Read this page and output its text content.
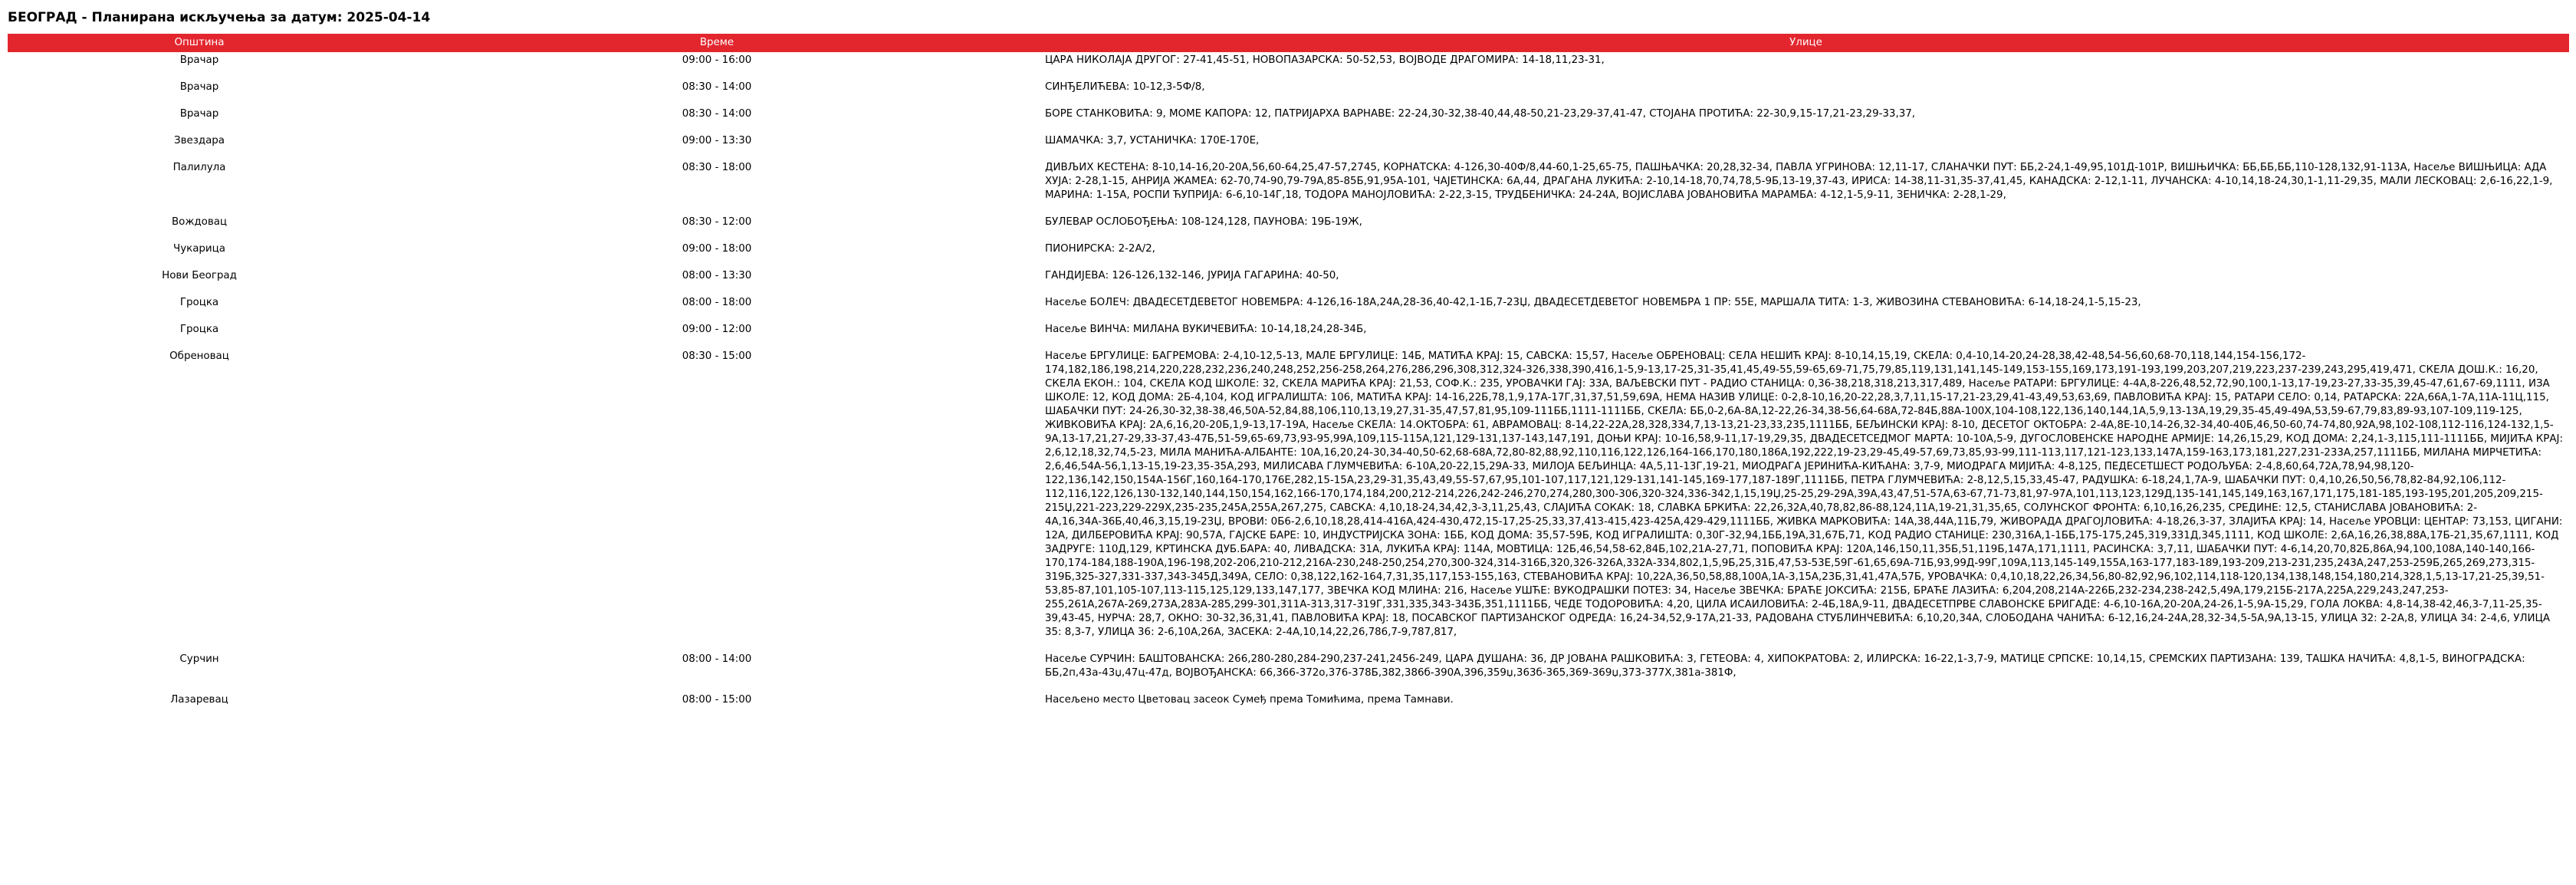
БЕОГРАД - Планирана искључења за датум: 2025-04-14
Општина	Време	Улице
Врачар	09:00 - 16:00	ЦАРА НИКОЛАЈА ДРУГОГ: 27-41,45-51, НОВОПАЗАРСКА: 50-52,53, ВОЈВОДЕ ДРАГОМИРА: 14-18,11,23-31,
Врачар	08:30 - 14:00	СИНЂЕЛИЋЕВА: 10-12,3-5Ф/8,
Врачар	08:30 - 14:00	БОРЕ СТАНКОВИЋА: 9, МОМЕ КАПОРА: 12, ПАТРИЈАРХА ВАРНАВЕ: 22-24,30-32,38-40,44,48-50,21-23,29-37,41-47, СТОЈАНА ПРОТИЋА: 22-30,9,15-17,21-23,29-33,37,
Звездара	09:00 - 13:30	ШАМАЧКА: 3,7, УСТАНИЧКА: 170Е-170Е,
Палилула	08:30 - 18:00	ДИВЉИХ КЕСТЕНА: 8-10,14-16,20-20А,56,60-64,25,47-57,2745, КОРНАТСКА: 4-126,30-40Ф/8,44-60,1-25,65-75, ПАШЊАЧКА: 20,28,32-34, ПАВЛА УГРИНОВА: 12,11-17, СЛАНАЧКИ ПУТ: ББ,2-24,1-49,95,101Д-101Р, ВИШЊИЧКА: ББ,ББ,ББ,110-128,132,91-113А, Насеље ВИШЊИЦА: АДА ХУЈА: 2-28,1-15, АНРИЈА ЖАМЕА: 62-70,74-90,79-79А,85-85Б,91,95А-101, ЧАЈЕТИНСКА: 6А,44, ДРАГАНА ЛУКИЋА: 2-10,14-18,70,74,78,5-9Б,13-19,37-43, ИРИСА: 14-38,11-31,35-37,41,45, КАНАДСКА: 2-12,1-11, ЛУЧАНСКА: 4-10,14,18-24,30,1-1,11-29,35, МАЛИ ЛЕСКОВАЦ: 2,6-16,22,1-9, МАРИНА: 1-15А, РОСПИ ЋУПРИЈА: 6-6,10-14Г,18, ТОДОРА МАНОЈЛОВИЋА: 2-22,3-15, ТРУДБЕНИЧКА: 24-24А, ВОЈИСЛАВА ЈОВАНОВИЋА МАРАМБА: 4-12,1-5,9-11, ЗЕНИЧКА: 2-28,1-29,
Вождовац	08:30 - 12:00	БУЛЕВАР ОСЛОБОЂЕЊА: 108-124,128, ПАУНОВА: 19Б-19Ж,
Чукарица	09:00 - 18:00	ПИОНИРСКА: 2-2А/2,
Нови Београд	08:00 - 13:30	ГАНДИЈЕВА: 126-126,132-146, ЈУРИЈА ГАГАРИНА: 40-50,
Гроцка	08:00 - 18:00	Насеље БОЛЕЧ: ДВАДЕСЕТДЕВЕТОГ НОВЕМБРА: 4-126,16-18А,24А,28-36,40-42,1-1Б,7-23Џ, ДВАДЕСЕТДЕВЕТОГ НОВЕМБРА 1 ПР: 55Е, МАРШАЛА ТИТА: 1-3, ЖИВОЗИНА СТЕВАНОВИЋА: 6-14,18-24,1-5,15-23,
Гроцка	09:00 - 12:00	Насеље ВИНЧА: МИЛАНА ВУКИЧЕВИЋА: 10-14,18,24,28-34Б,
Обреновац	08:30 - 15:00	Насеље БРГУЛИЦЕ: БАГРЕМОВА: 2-4,10-12,5-13, МАЛЕ БРГУЛИЦЕ: 14Б, МАТИЋА КРАЈ: 15, САВСКА: 15,57, Насеље ОБРЕНОВАЦ: СЕЛА НЕШИЋ КРАЈ: 8-10,14,15,19, СКЕЛА: 0,4-10,14-20,24-28,38,42-48,54-56,60,68-70,118,144,154-156,172-174,182,186,198,214,220,228,232,236,240,248,252,256-258,264,276,286,296,308,312,324-326,338,390,416,1-5,9-13,17-25,31-35,41,45,49-55,59-65,69-71,75,79,85,119,131,141,145-149,153-155,169,173,191-193,199,203,207,219,223,237-239,243,295,419,471, СКЕЛА ДОШ.К.: 16,20, СКЕЛА ЕКОН.: 104, СКЕЛА КОД ШКОЛЕ: 32, СКЕЛА МАРИЋА КРАЈ: 21,53, СОФ.К.: 235, УРОВАЧКИ ГАЈ: 33А, ВАЉЕВСКИ ПУТ - РАДИО СТАНИЦА: 0,36-38,218,318,213,317,489, Насеље РАТАРИ: БРГУЛИЦЕ: 4-4А,8-226,48,52,72,90,100,1-13,17-19,23-27,33-35,39,45-47,61,67-69,1111, ИЗА ШКОЛЕ: 12, КОД ДОМА: 2Б-4,104, КОД ИГРАЛИШТА: 106, МАТИЋА КРАЈ: 14-16,22Б,78,1,9,17А-17Г,31,37,51,59,69А, НЕМА НАЗИВ УЛИЦЕ: 0-2,8-10,16,20-22,28,3,7,11,15-17,21-23,29,41-43,49,53,63,69, ПАВЛОВИЋА КРАЈ: 15, РАТАРИ СЕЛО: 0,14, РАТАРСКА: 22А,66А,1-7А,11А-11Ц,115, ШАБАЧКИ ПУТ: 24-26,30-32,38-38,46,50А-52,84,88,106,110,13,19,27,31-35,47,57,81,95,109-111ББ,1111-1111ББ, СКЕЛА: ББ,0-2,6А-8А,12-22,26-34,38-56,64-68А,72-84Б,88А-100Х,104-108,122,136,140,144,1А,5,9,13-13А,19,29,35-45,49-49А,53,59-67,79,83,89-93,107-109,119-125, ЖИВКОВИЋА КРАЈ: 2А,6,16,20-20Б,1,9-13,17-19А, Насеље СКЕЛА: 14.ОКТОБРА: 61, АВРАМОВАЦ: 8-14,22-22А,28,328,334,7,13-13,21-23,33,235,1111ББ, БЕЉИНСКИ КРАЈ: 8-10, ДЕСЕТОГ ОКТОБРА: 2-4А,8Е-10,14-26,32-34,40-40Б,46,50-60,74-74,80,92А,98,102-108,112-116,124-132,1,5-9А,13-17,21,27-29,33-37,43-47Б,51-59,65-69,73,93-95,99А,109,115-115А,121,129-131,137-143,147,191, ДОЊИ КРАЈ: 10-16,58,9-11,17-19,29,35, ДВАДЕСЕТСЕДМОГ МАРТА: 10-10А,5-9, ДУГОСЛОВЕНСКЕ НАРОДНЕ АРМИЈЕ: 14,26,15,29, КОД ДОМА: 2,24,1-3,115,111-1111ББ, МИЈИЋА КРАЈ: 2,6,12,18,32,74,5-23, МИЛА МАНИЋА-АЛБАНТЕ: 10А,16,20,24-30,34-40,50-62,68-68А,72,80-82,88,92,110,116,122,126,164-166,170,180,186А,192,222,19-23,29-45,49-57,69,73,85,93-99,111-113,117,121-123,133,147А,159-163,173,181,227,231-233А,257,1111ББ, МИЛАНА МИРЧЕТИЋА: 2,6,46,54А-56,1,13-15,19-23,35-35А,293, МИЛИСАВА ГЛУМЧЕВИЋА: 6-10А,20-22,15,29А-33, МИЛОЈА БЕЉИНЦА: 4А,5,11-13Г,19-21, МИОДРАГА ЈЕРИНИЋА-КИЋАНА: 3,7-9, МИОДРАГА МИЈИЋА: 4-8,125, ПЕДЕСЕТШЕСТ РОДОЉУБА: 2-4,8,60,64,72А,78,94,98,120-122,136,142,150,154А-156Г,160,164-170,176Е,282,15-15А,23,29-31,35,43,49,55-57,67,95,101-107,117,121,129-131,141-145,169-177,187-189Г,1111ББ, ПЕТРА ГЛУМЧЕВИЋА: 2-8,12,5,15,33,45-47, РАДУШКА: 6-18,24,1,7А-9, ШАБАЧКИ ПУТ: 0,4,10,26,50,56,78,82-84,92,106,112-112,116,122,126,130-132,140,144,150,154,162,166-170,174,184,200,212-214,226,242-246,270,274,280,300-306,320-324,336-342,1,15,19Џ,25-25,29-29А,39А,43,47,51-57А,63-67,71-73,81,97-97А,101,113,123,129Д,135-141,145,149,163,167,171,175,181-185,193-195,201,205,209,215-215Џ,221-223,229-229Х,235-235,245А,255А,267,275, САВСКА: 4,10,18-24,34,42,3-3,11,25,43, СЛАЈИЋА СОКАК: 18, СЛАВКА БРКИЋА: 22,26,32А,40,78,82,86-88,124,11А,19-21,31,35,65, СОЛУНСКОГ ФРОНТА: 6,10,16,26,235, СРЕДИНЕ: 12,5, СТАНИСЛАВА ЈОВАНОВИЋА: 2-4А,16,34А-36Б,40,46,3,15,19-23Џ, ВРОВИ: 0Б6-2,6,10,18,28,414-416А,424-430,472,15-17,25-25,33,37,413-415,423-425А,429-429,1111ББ, ЖИВКА МАРКОВИЋА: 14А,38,44А,11Б,79, ЖИВОРАДА ДРАГОЈЛОВИЋА: 4-18,26,3-37, ЗЛАЈИЋА КРАЈ: 14, Насеље УРОВЦИ: ЦЕНТАР: 73,153, ЦИГАНИ: 12А, ДИЛБЕРОВИЋА КРАЈ: 90,57А, ГАЈСКЕ БАРЕ: 10, ИНДУСТРИЈСКА ЗОНА: 1ББ, КОД ДОМА: 35,57-59Б, КОД ИГРАЛИШТА: 0,30Г-32,94,1ББ,19А,31,67Б,71, КОД РАДИО СТАНИЦЕ: 230,316А,1-1ББ,175-175,245,319,331Д,345,1111, КОД ШКОЛЕ: 2,6А,16,26,38,88А,17Б-21,35,67,1111, КОД ЗАДРУГЕ: 110Д,129, КРТИНСКА ДУБ.БАРА: 40, ЛИВАДСКА: 31А, ЛУКИЋА КРАЈ: 114А, МОВТИЦА: 12Б,46,54,58-62,84Б,102,21А-27,71, ПОПОВИЋА КРАЈ: 120А,146,150,11,35Б,51,119Б,147А,171,1111, РАСИНСКА: 3,7,11, ШАБАЧКИ ПУТ: 4-6,14,20,70,82Б,86А,94,100,108А,140-140,166-170,174-184,188-190А,196-198,202-206,210-212,216А-230,248-250,254,270,300-324,314-316Б,320,326-326А,332А-334,802,1,5,9Б,25,31Б,47,53-53Е,59Г-61,65,69А-71Б,93,99Д-99Г,109А,113,145-149,155А,163-177,183-189,193-209,213-231,235,243А,247,253-259Б,265,269,273,315-319Б,325-327,331-337,343-345Д,349А, СЕЛО: 0,38,122,162-164,7,31,35,117,153-155,163, СТЕВАНОВИЋА КРАЈ: 10,22А,36,50,58,88,100А,1А-3,15А,23Б,31,41,47А,57Б, УРОВАЧКА: 0,4,10,18,22,26,34,56,80-82,92,96,102,114,118-120,134,138,148,154,180,214,328,1,5,13-17,21-25,39,51-53,85-87,101,105-107,113-115,125,129,133,147,177, ЗВЕЧКА КОД МЛИНА: 216, Насеље УШЋЕ: ВУКОДРАШКИ ПОТЕЗ: 34, Насеље ЗВЕЧКА: БРАЋЕ ЈОКСИЋА: 215Б, БРАЋЕ ЛАЗИЋА: 6,204,208,214А-226Б,232-234,238-242,5,49А,179,215Б-217А,225А,229,243,247,253-255,261А,267А-269,273А,283А-285,299-301,311А-313,317-319Г,331,335,343-343Б,351,1111ББ, ЧЕДЕ ТОДОРОВИЋА: 4,20, ЦИЛА ИСАИЛОВИЋА: 2-4Б,18А,9-11, ДВАДЕСЕТПРВЕ СЛАВОНСКЕ БРИГАДЕ: 4-6,10-16А,20-20А,24-26,1-5,9А-15,29, ГОЛА ЛОКВА: 4,8-14,38-42,46,3-7,11-25,35-39,43-45, НУРЧА: 28,7, ОКНО: 30-32,36,31,41, ПАВЛОВИЋА КРАЈ: 18, ПОСАВСКОГ ПАРТИЗАНСКОГ ОДРЕДА: 16,24-34,52,9-17А,21-33, РАДОВАНА СТУБЛИНЧЕВИЋА: 6,10,20,34А, СЛОБОДАНА ЧАНИЋА: 6-12,16,24-24А,28,32-34,5-5А,9А,13-15, УЛИЦА 32: 2-2А,8, УЛИЦА 34: 2-4,6, УЛИЦА 35: 8,3-7, УЛИЦА 36: 2-6,10А,26А, ЗАСЕКА: 2-4А,10,14,22,26,786,7-9,787,817,
Сурчин	08:00 - 14:00	Насеље СУРЧИН: БАШТОВАНСКА: 266,280-280,284-290,237-241,2456-249, ЦАРА ДУШАНА: 36, ДР ЈОВАНА РАШКОВИЋА: 3, ГЕТЕОВА: 4, ХИПОКРАТОВА: 2, ИЛИРСКА: 16-22,1-3,7-9, МАТИЦЕ СРПСКЕ: 10,14,15, СРЕМСКИХ ПАРТИЗАНА: 139, ТАШКА НАЧИЋА: 4,8,1-5, ВИНОГРАДСКА: ББ,2п,43а-43џ,47ц-47д, ВОЈВОЂАНСКА: 66,366-372о,376-378Б,382,386б-390А,396,359џ,363б-365,369-369џ,373-377Х,381а-381Ф,
Лазаревац	08:00 - 15:00	Насељено место Цветовац засеок Сумеђ према Томићима, према Тамнави.
